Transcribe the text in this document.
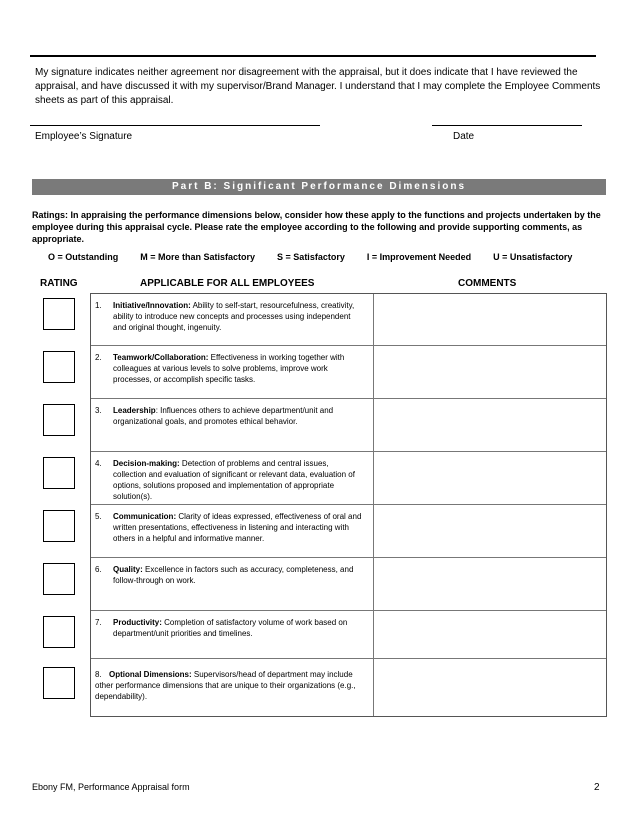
My signature indicates neither agreement nor disagreement with the appraisal, but it does indicate that I have reviewed the appraisal, and have discussed it with my supervisor/Brand Manager. I understand that I may complete the Employee Comments sheets as part of this appraisal.
Employee’s Signature	Date
Part B: Significant Performance Dimensions
Ratings: In appraising the performance dimensions below, consider how these apply to the functions and projects undertaken by the employee during this appraisal cycle. Please rate the employee according to the following and provide supporting comments, as appropriate.
O = Outstanding M = More than Satisfactory S = Satisfactory I = Improvement Needed U = Unsatisfactory
RATING	APPLICABLE FOR ALL EMPLOYEES	COMMENTS
1. Initiative/Innovation: Ability to self-start, resourcefulness, creativity, ability to introduce new concepts and processes using independent and original thought, ingenuity.
2. Teamwork/Collaboration: Effectiveness in working together with colleagues at various levels to solve problems, improve work processes, or accomplish specific tasks.
3. Leadership: Influences others to achieve department/unit and organizational goals, and promotes ethical behavior.
4. Decision-making: Detection of problems and central issues, collection and evaluation of significant or relevant data, evaluation of options, solutions proposed and implementation of appropriate solution(s).
5. Communication: Clarity of ideas expressed, effectiveness of oral and written presentations, effectiveness in listening and interacting with others in a helpful and informative manner.
6. Quality: Excellence in factors such as accuracy, completeness, and follow-through on work.
7. Productivity: Completion of satisfactory volume of work based on department/unit priorities and timelines.
8. Optional Dimensions: Supervisors/head of department may include other performance dimensions that are unique to their organizations (e.g., dependability).
Ebony FM, Performance Appraisal form	2
